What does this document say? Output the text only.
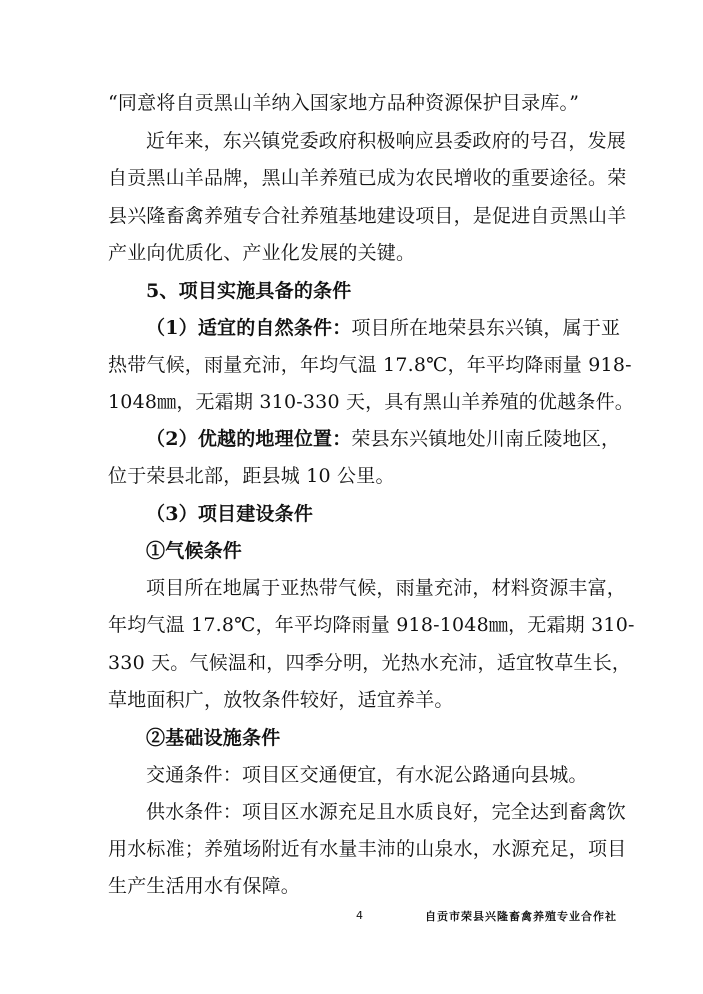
“同意将自贡黑山羊纳入国家地方品种资源保护目录库。”
近年来，东兴镇党委政府积极响应县委政府的号召，发展
自贡黑山羊品牌，黑山羊养殖已成为农民增收的重要途径。荣
县兴隆畜禽养殖专合社养殖基地建设项目，是促进自贡黑山羊
产业向优质化、产业化发展的关键。
5、项目实施具备的条件
（1）适宜的自然条件：项目所在地荣县东兴镇，属于亚
热带气候，雨量充沛，年均气温 17.8℃，年平均降雨量 918-
1048㎜，无霜期 310-330 天，具有黑山羊养殖的优越条件。
（2）优越的地理位置：荣县东兴镇地处川南丘陵地区，
位于荣县北部，距县城 10 公里。
（3）项目建设条件
①气候条件
项目所在地属于亚热带气候，雨量充沛，材料资源丰富，
年均气温 17.8℃，年平均降雨量 918-1048㎜，无霜期 310-
330 天。气候温和，四季分明，光热水充沛，适宜牧草生长，
草地面积广，放牧条件较好，适宜养羊。
②基础设施条件
交通条件：项目区交通便宜，有水泥公路通向县城。
供水条件：项目区水源充足且水质良好，完全达到畜禽饮
用水标准；养殖场附近有水量丰沛的山泉水，水源充足，项目
生产生活用水有保障。
4	自贡市荣县兴隆畜禽养殖专业合作社
